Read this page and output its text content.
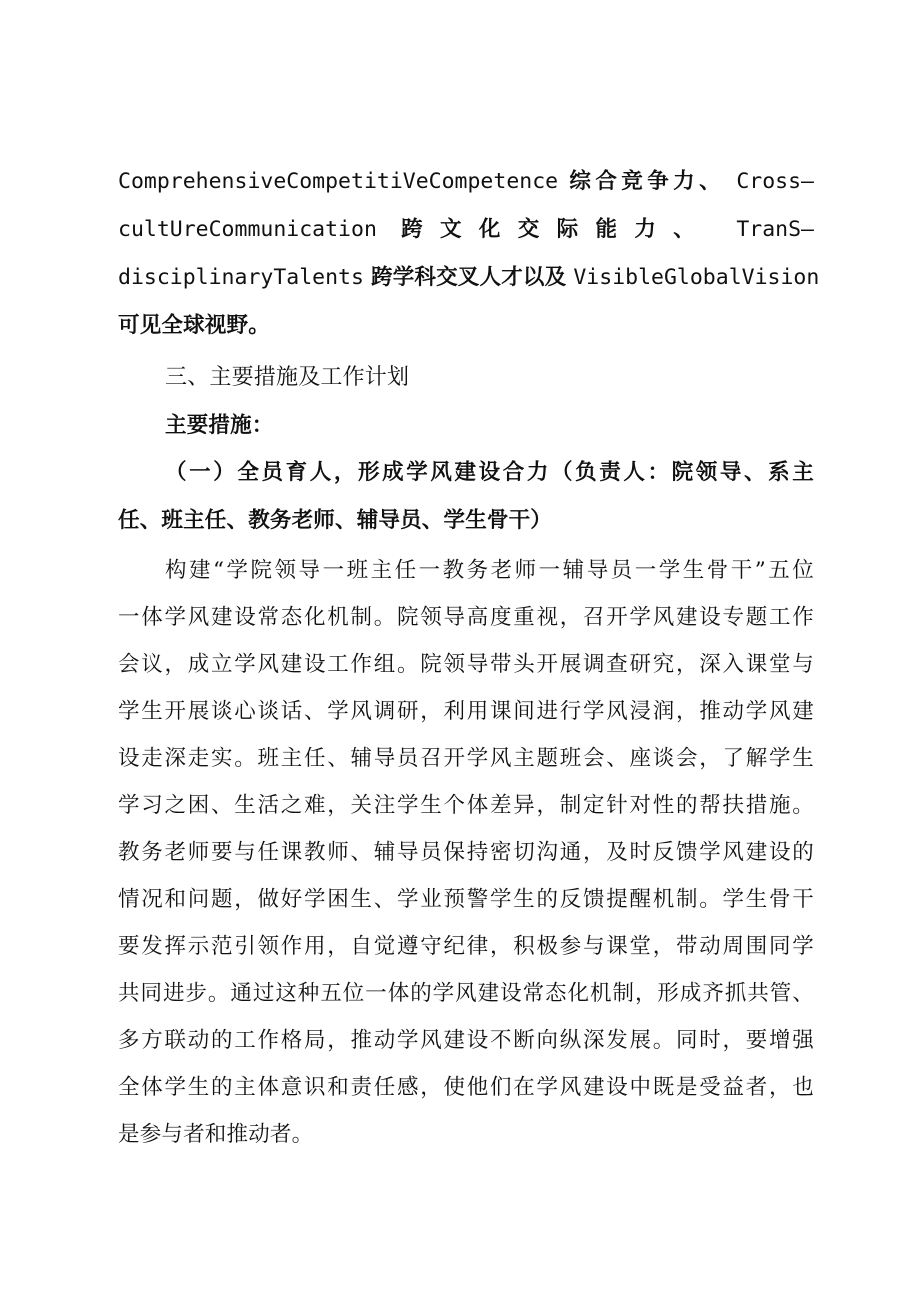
ComprehensiveCompetitiVeCompetence 综合竞争力、 Cross—
cultUreCommunication 跨文化交际能力、 TranS—
disciplinaryTalents 跨学科交叉人才以及 VisibleGlobalVision
可见全球视野。
三、主要措施及工作计划
主要措施：
（一）全员育人，形成学风建设合力（负责人：院领导、系主
任、班主任、教务老师、辅导员、学生骨干）
构建“学院领导一班主任一教务老师一辅导员一学生骨干”五位
一体学风建设常态化机制。院领导高度重视，召开学风建设专题工作
会议，成立学风建设工作组。院领导带头开展调查研究，深入课堂与
学生开展谈心谈话、学风调研，利用课间进行学风浸润，推动学风建
设走深走实。班主任、辅导员召开学风主题班会、座谈会，了解学生
学习之困、生活之难，关注学生个体差异，制定针对性的帮扶措施。
教务老师要与任课教师、辅导员保持密切沟通，及时反馈学风建设的
情况和问题，做好学困生、学业预警学生的反馈提醒机制。学生骨干
要发挥示范引领作用，自觉遵守纪律，积极参与课堂，带动周围同学
共同进步。通过这种五位一体的学风建设常态化机制，形成齐抓共管、
多方联动的工作格局，推动学风建设不断向纵深发展。同时，要增强
全体学生的主体意识和责任感，使他们在学风建设中既是受益者，也
是参与者和推动者。
